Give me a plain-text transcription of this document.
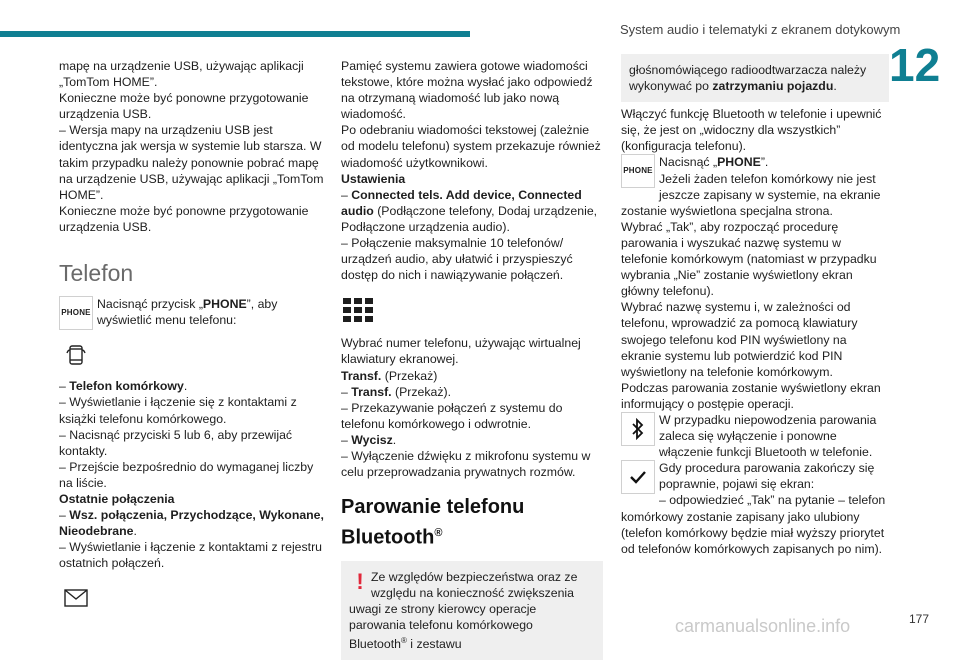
System audio i telematyki z ekranem dotykowym
12

mapę na urządzenie USB, używając aplikacji „TomTom HOME”.

Konieczne może być ponowne przygotowanie urządzenia USB.

– Wersja mapy na urządzeniu USB jest identyczna jak wersja w systemie lub starsza. W takim przypadku należy ponownie pobrać mapę na urządzenie USB, używając aplikacji „TomTom HOME”.

Konieczne może być ponowne przygotowanie urządzenia USB.

Telefon

PHONE

Nacisnąć przycisk „PHONE”, aby wyświetlić menu telefonu:

– Telefon komórkowy.

– Wyświetlanie i łączenie się z kontaktami z książki telefonu komórkowego.

– Nacisnąć przyciski 5 lub 6, aby przewijać kontakty.

– Przejście bezpośrednio do wymaganej liczby na liście.

Ostatnie połączenia

– Wsz. połączenia, Przychodzące, Wykonane, Nieodebrane.

– Wyświetlanie i łączenie z kontaktami z rejestru ostatnich połączeń.

Pamięć systemu zawiera gotowe wiadomości tekstowe, które można wysłać jako odpowiedź na otrzymaną wiadomość lub jako nową wiadomość.

Po odebraniu wiadomości tekstowej (zależnie od modelu telefonu) system przekazuje również wiadomość użytkownikowi.

Ustawienia

– Connected tels. Add device, Connected audio (Podłączone telefony, Dodaj urządzenie, Podłączone urządzenia audio).

– Połączenie maksymalnie 10 telefonów/ urządzeń audio, aby ułatwić i przyspieszyć dostęp do nich i nawiązywanie połączeń.

Wybrać numer telefonu, używając wirtualnej klawiatury ekranowej.

Transf. (Przekaż)

– Transf. (Przekaż).

– Przekazywanie połączeń z systemu do telefonu komórkowego i odwrotnie.

– Wycisz.

– Wyłączenie dźwięku z mikrofonu systemu w celu przeprowadzania prywatnych rozmów.

Parowanie telefonu
Bluetooth®

! Ze względów bezpieczeństwa oraz ze względu na konieczność zwiększenia uwagi ze strony kierowcy operacje parowania telefonu komórkowego Bluetooth® i zestawu

głośnomówiącego radioodtwarzacza należy wykonywać po zatrzymaniu pojazdu.

Włączyć funkcję Bluetooth w telefonie i upewnić się, że jest on „widoczny dla wszystkich” (konfiguracja telefonu).

PHONE

Nacisnąć „PHONE”.

Jeżeli żaden telefon komórkowy nie jest jeszcze zapisany w systemie, na ekranie zostanie wyświetlona specjalna strona.

Wybrać „Tak”, aby rozpocząć procedurę parowania i wyszukać nazwę systemu w telefonie komórkowym (natomiast w przypadku wybrania „Nie” zostanie wyświetlony ekran główny telefonu).

Wybrać nazwę systemu i, w zależności od telefonu, wprowadzić za pomocą klawiatury swojego telefonu kod PIN wyświetlony na ekranie systemu lub potwierdzić kod PIN wyświetlony na telefonie komórkowym.

Podczas parowania zostanie wyświetlony ekran informujący o postępie operacji.

W przypadku niepowodzenia parowania zaleca się wyłączenie i ponowne włączenie funkcji Bluetooth w telefonie.

Gdy procedura parowania zakończy się poprawnie, pojawi się ekran:

– odpowiedzieć „Tak” na pytanie – telefon komórkowy zostanie zapisany jako ulubiony (telefon komórkowy będzie miał wyższy priorytet od telefonów komórkowych zapisanych po nim).

carmanualsonline.info	177
